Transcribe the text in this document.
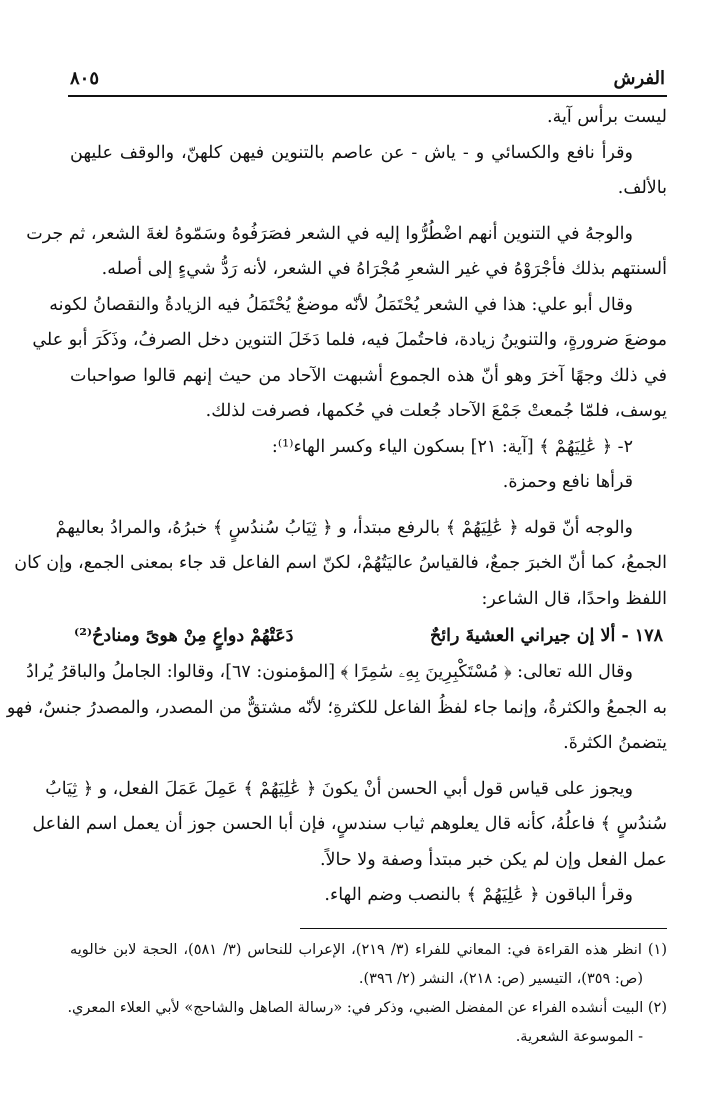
الفرش
٨٠٥
ليست برأس آية.
وقرأ نافع والكسائي و - ياش - عن عاصم بالتنوين فيهن كلهنّ، والوقف عليهن
بالألف.
والوجهُ في التنوين أنهم اضْطُرُّوا إليه في الشعر فصَرَفُوهُ وسَمّوهُ لغةَ الشعر، ثم جرت
ألسنتهم بذلك فأجْرَوْهُ في غير الشعرِ مُجْرَاهُ في الشعر، لأنه رَدُّ شيءٍ إلى أصله.
وقال أبو علي: هذا في الشعر يُحْتَمَلُ لأنّه موضعٌ يُحْتَمَلُ فيه الزيادةُ والنقصانُ لكونه
موضعَ ضرورةٍ، والتنوينُ زيادة، فاحتُملَ فيه، فلما دَخَلَ التنوين دخل الصرفُ، وذَكَرَ أبو علي
في ذلك وجهًا آخرَ وهو أنّ هذه الجموع أشبهت الآحاد من حيث إنهم قالوا صواحبات
يوسف، فلمّا جُمعتْ جَمْعَ الآحاد جُعلت في حُكمها، فصرفت لذلك.
٢- ﴿ عَٰلِيَهُمْ ﴾ [آية: ٢١] بسكون الياء وكسر الهاء⁽¹⁾:
قرأها نافع وحمزة.
والوجه أنّ قوله ﴿ عَٰلِيَهُمْ ﴾ بالرفع مبتدأ، و ﴿ ثِيَابُ سُندُسٍ ﴾ خبرُهُ، والمرادُ بعاليهمْ
الجمعُ، كما أنّ الخبرَ جمعٌ، فالقياسُ عاليَتُهُمْ، لكنّ اسم الفاعل قد جاء بمعنى الجمع، وإن كان
اللفظ واحدًا، قال الشاعر:
١٧٨ - ألا إن جيراني العشيةَ رائحٌ
دَعَتْهُمْ دواعٍ مِنْ هوىً ومنادحُ⁽²⁾
وقال الله تعالى: ﴿ مُسْتَكْبِرِينَ بِهِۦ سَٰمِرًا ﴾ [المؤمنون: ٦٧]، وقالوا: الجاملُ والباقرُ يُرادُ
به الجمعُ والكثرةُ، وإنما جاء لفظُ الفاعل للكثرةِ؛ لأنّه مشتقٌّ من المصدر، والمصدرُ جنسٌ، فهو
يتضمنُ الكثرةَ.
ويجوز على قياس قول أبي الحسن أنْ يكونَ ﴿ عَٰلِيَهُمْ ﴾ عَمِلَ عَمَلَ الفعل، و ﴿ ثِيَابُ
سُندُسٍ ﴾ فاعلُهُ، كأنه قال يعلوهم ثياب سندسٍ، فإن أبا الحسن جوز أن يعمل اسم الفاعل
عمل الفعل وإن لم يكن خبر مبتدأ وصفة ولا حالاً.
وقرأ الباقون ﴿ عَٰلِيَهُمْ ﴾ بالنصب وضم الهاء.
(١) انظر هذه القراءة في: المعاني للفراء (٣/ ٢١٩)، الإعراب للنحاس (٣/ ٥٨١)، الحجة لابن خالويه
(ص: ٣٥٩)، التيسير (ص: ٢١٨)، النشر (٢/ ٣٩٦).
(٢) البيت أنشده الفراء عن المفضل الضبي، وذكر في: «رسالة الصاهل والشاحج» لأبي العلاء المعري.
- الموسوعة الشعرية.
